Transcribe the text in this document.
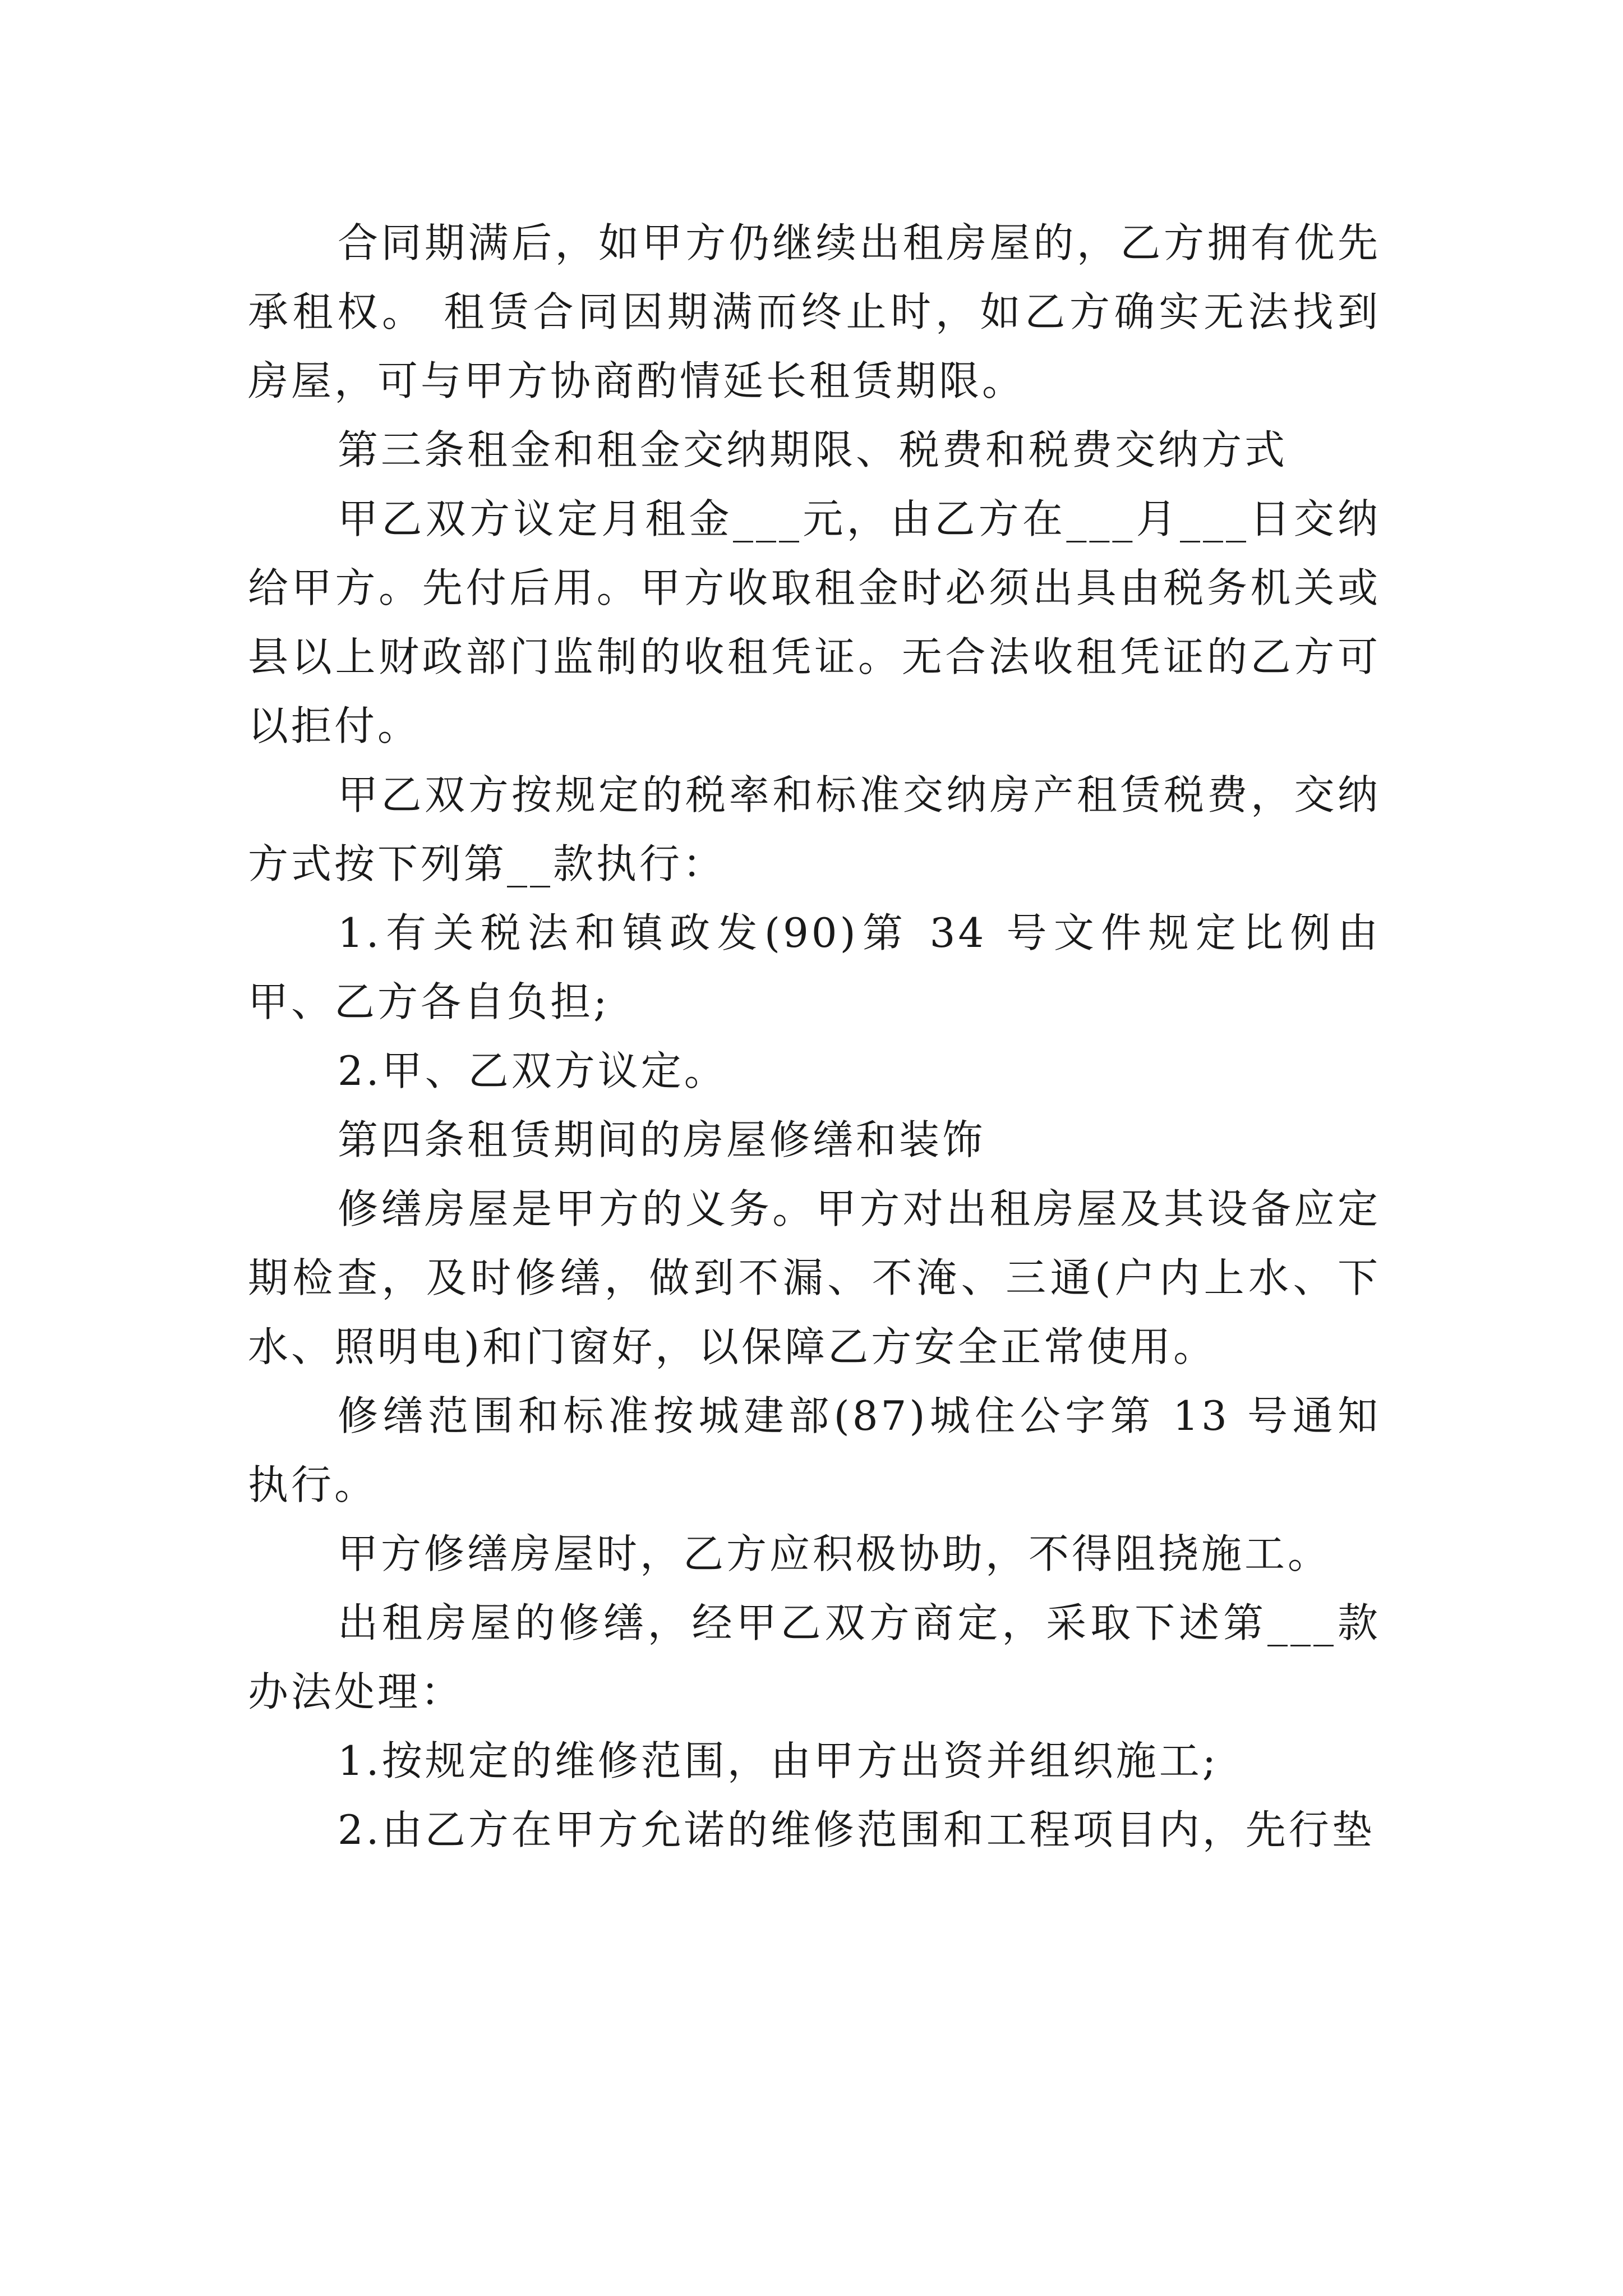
合同期满后，如甲方仍继续出租房屋的，乙方拥有优先承租权。 租赁合同因期满而终止时，如乙方确实无法找到房屋，可与甲方协商酌情延长租赁期限。

第三条租金和租金交纳期限、税费和税费交纳方式

甲乙双方议定月租金___元，由乙方在___月___日交纳给甲方。先付后用。甲方收取租金时必须出具由税务机关或县以上财政部门监制的收租凭证。无合法收租凭证的乙方可以拒付。

甲乙双方按规定的税率和标准交纳房产租赁税费，交纳方式按下列第__款执行：

1.有关税法和镇政发(90)第 34 号文件规定比例由甲、乙方各自负担;

2.甲、乙双方议定。

第四条租赁期间的房屋修缮和装饰

修缮房屋是甲方的义务。甲方对出租房屋及其设备应定期检查，及时修缮，做到不漏、不淹、三通(户内上水、下水、照明电)和门窗好，以保障乙方安全正常使用。

修缮范围和标准按城建部(87)城住公字第 13 号通知执行。

甲方修缮房屋时，乙方应积极协助，不得阻挠施工。

出租房屋的修缮，经甲乙双方商定，采取下述第___款办法处理：

1.按规定的维修范围，由甲方出资并组织施工;

2.由乙方在甲方允诺的维修范围和工程项目内，先行垫
